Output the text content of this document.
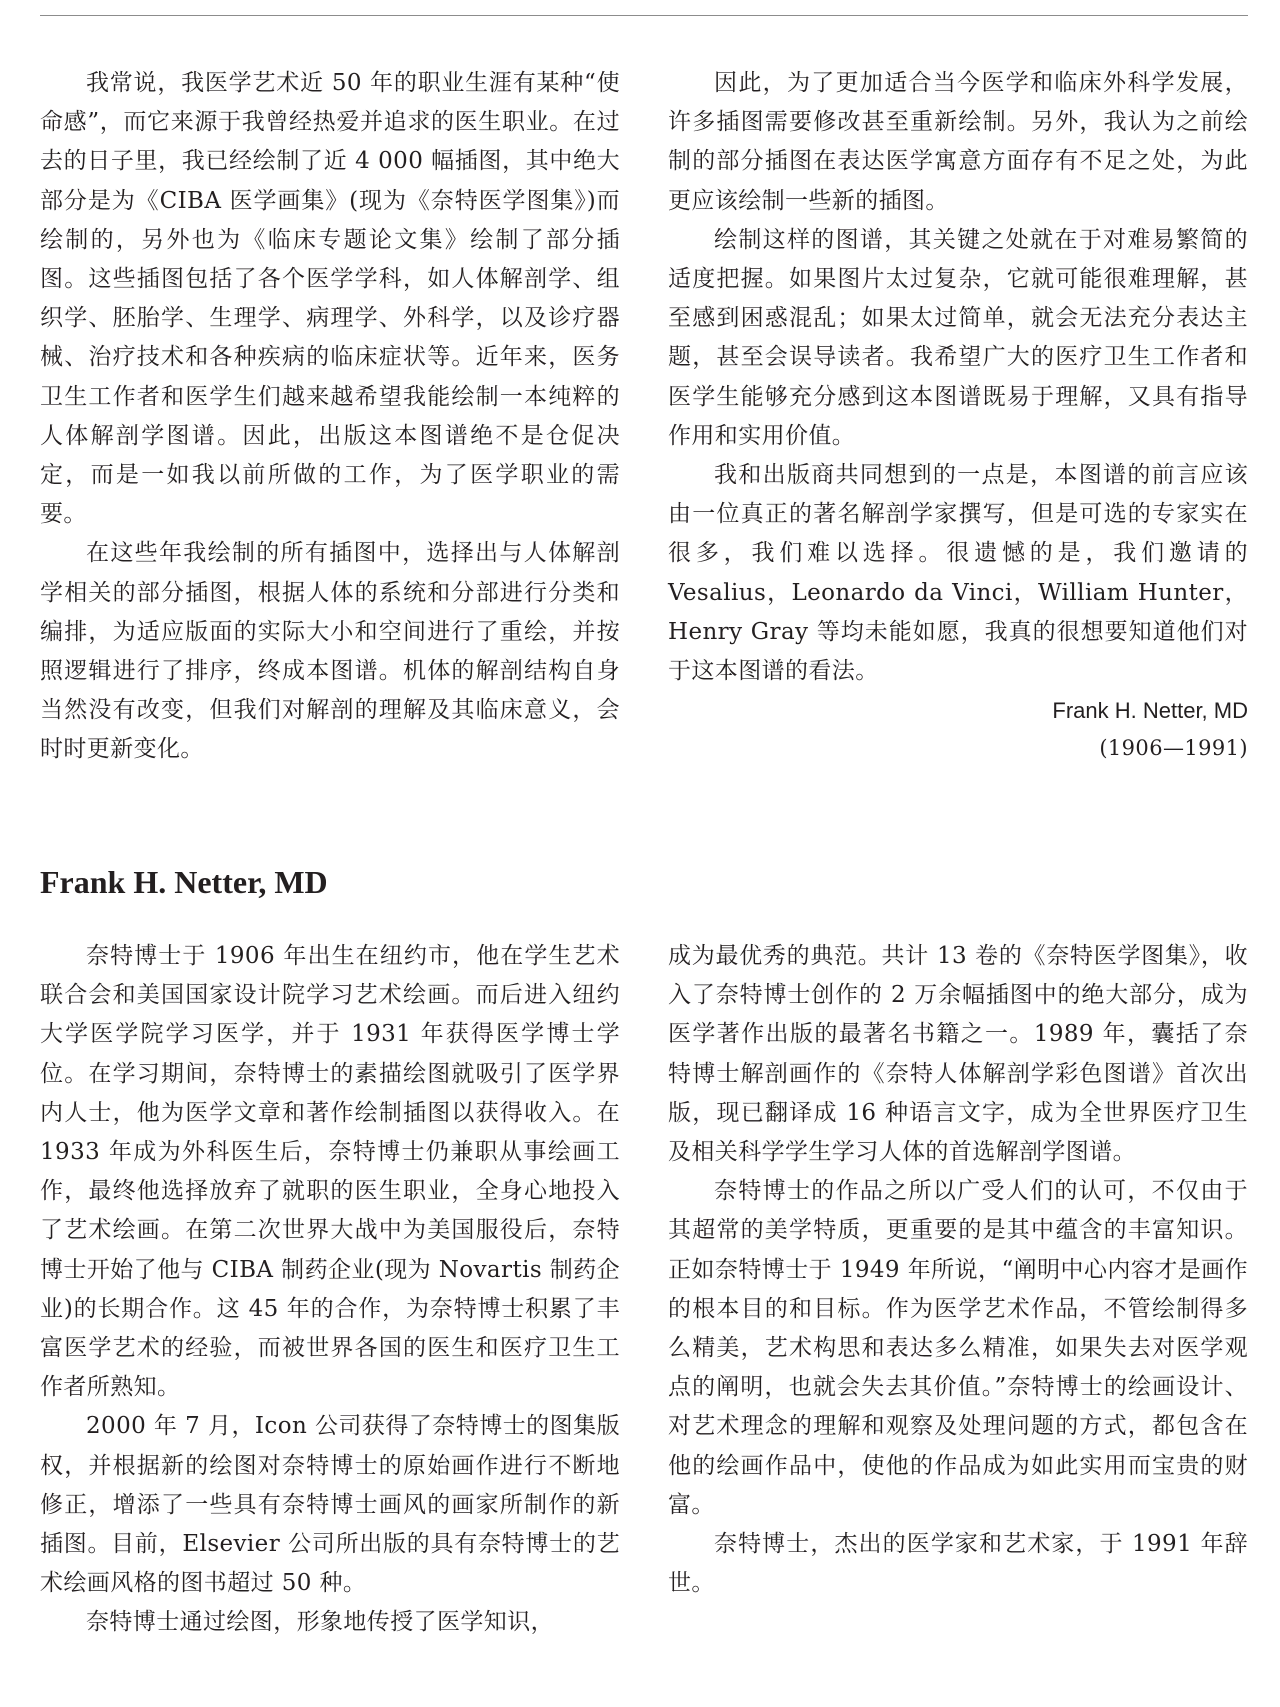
我常说，我医学艺术近 50 年的职业生涯有某种“使命感”，而它来源于我曾经热爱并追求的医生职业。在过去的日子里，我已经绘制了近 4 000 幅插图，其中绝大部分是为《CIBA 医学画集》(现为《奈特医学图集》)而绘制的，另外也为《临床专题论文集》绘制了部分插图。这些插图包括了各个医学学科，如人体解剖学、组织学、胚胎学、生理学、病理学、外科学，以及诊疗器械、治疗技术和各种疾病的临床症状等。近年来，医务卫生工作者和医学生们越来越希望我能绘制一本纯粹的人体解剖学图谱。因此，出版这本图谱绝不是仓促决定，而是一如我以前所做的工作，为了医学职业的需要。

在这些年我绘制的所有插图中，选择出与人体解剖学相关的部分插图，根据人体的系统和分部进行分类和编排，为适应版面的实际大小和空间进行了重绘，并按照逻辑进行了排序，终成本图谱。机体的解剖结构自身当然没有改变，但我们对解剖的理解及其临床意义，会时时更新变化。

因此，为了更加适合当今医学和临床外科学发展，许多插图需要修改甚至重新绘制。另外，我认为之前绘制的部分插图在表达医学寓意方面存有不足之处，为此更应该绘制一些新的插图。

绘制这样的图谱，其关键之处就在于对难易繁简的适度把握。如果图片太过复杂，它就可能很难理解，甚至感到困惑混乱；如果太过简单，就会无法充分表达主题，甚至会误导读者。我希望广大的医疗卫生工作者和医学生能够充分感到这本图谱既易于理解，又具有指导作用和实用价值。

我和出版商共同想到的一点是，本图谱的前言应该由一位真正的著名解剖学家撰写，但是可选的专家实在很多，我们难以选择。很遗憾的是，我们邀请的 Vesalius，Leonardo da Vinci，William Hunter，Henry Gray 等均未能如愿，我真的很想要知道他们对于这本图谱的看法。

Frank H. Netter, MD

(1906—1991)

Frank H. Netter, MD

奈特博士于 1906 年出生在纽约市，他在学生艺术联合会和美国国家设计院学习艺术绘画。而后进入纽约大学医学院学习医学，并于 1931 年获得医学博士学位。在学习期间，奈特博士的素描绘图就吸引了医学界内人士，他为医学文章和著作绘制插图以获得收入。在 1933 年成为外科医生后，奈特博士仍兼职从事绘画工作，最终他选择放弃了就职的医生职业，全身心地投入了艺术绘画。在第二次世界大战中为美国服役后，奈特博士开始了他与 CIBA 制药企业(现为 Novartis 制药企业)的长期合作。这 45 年的合作，为奈特博士积累了丰富医学艺术的经验，而被世界各国的医生和医疗卫生工作者所熟知。

2000 年 7 月，Icon 公司获得了奈特博士的图集版权，并根据新的绘图对奈特博士的原始画作进行不断地修正，增添了一些具有奈特博士画风的画家所制作的新插图。目前，Elsevier 公司所出版的具有奈特博士的艺术绘画风格的图书超过 50 种。

奈特博士通过绘图，形象地传授了医学知识，

成为最优秀的典范。共计 13 卷的《奈特医学图集》，收入了奈特博士创作的 2 万余幅插图中的绝大部分，成为医学著作出版的最著名书籍之一。1989 年，囊括了奈特博士解剖画作的《奈特人体解剖学彩色图谱》首次出版，现已翻译成 16 种语言文字，成为全世界医疗卫生及相关科学学生学习人体的首选解剖学图谱。

奈特博士的作品之所以广受人们的认可，不仅由于其超常的美学特质，更重要的是其中蕴含的丰富知识。正如奈特博士于 1949 年所说，“阐明中心内容才是画作的根本目的和目标。作为医学艺术作品，不管绘制得多么精美，艺术构思和表达多么精准，如果失去对医学观点的阐明，也就会失去其价值。”奈特博士的绘画设计、对艺术理念的理解和观察及处理问题的方式，都包含在他的绘画作品中，使他的作品成为如此实用而宝贵的财富。

奈特博士，杰出的医学家和艺术家，于 1991 年辞世。
